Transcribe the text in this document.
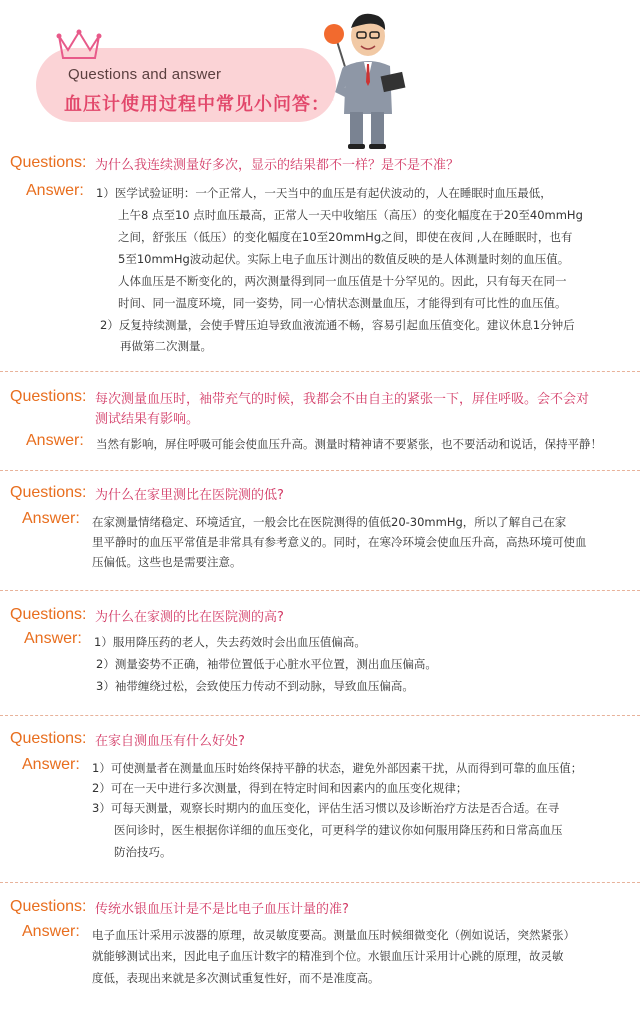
Questions and answer
血压计使用过程中常见小问答：
Questions: 为什么我连续测量好多次，显示的结果都不一样？是不是不准？
Answer: 1）医学试验证明：一个正常人，一天当中的血压是有起伏波动的，人在睡眠时血压最低，
上午8 点至10 点时血压最高，正常人一天中收缩压（高压）的变化幅度在于20至40mmHg
之间，舒张压（低压）的变化幅度在10至20mmHg之间，即使在夜间 ,人在睡眠时，也有
5至10mmHg波动起伏。实际上电子血压计测出的数值反映的是人体测量时刻的血压值。
人体血压是不断变化的，两次测量得到同一血压值是十分罕见的。因此，只有每天在同一
时间、同一温度环境，同一姿势，同一心情状态测量血压，才能得到有可比性的血压值。
2）反复持续测量，会使手臂压迫导致血液流通不畅，容易引起血压值变化。建议休息1分钟后
再做第二次测量。
Questions: 每次测量血压时，袖带充气的时候，我都会不由自主的紧张一下，屏住呼吸。会不会对
测试结果有影响。
Answer: 当然有影响，屏住呼吸可能会使血压升高。测量时精神请不要紧张，也不要活动和说话，保持平静！
Questions: 为什么在家里测比在医院测的低?
Answer: 在家测量情绪稳定、环境适宜，一般会比在医院测得的值低20-30mmHg，所以了解自己在家
里平静时的血压平常值是非常具有参考意义的。同时，在寒冷环境会使血压升高，高热环境可使血
压偏低。这些也是需要注意。
Questions: 为什么在家测的比在医院测的高?
Answer: 1）服用降压药的老人，失去药效时会出血压值偏高。
2）测量姿势不正确，袖带位置低于心脏水平位置，测出血压偏高。
3）袖带缠绕过松，会致使压力传动不到动脉，导致血压偏高。
Questions: 在家自测血压有什么好处?
Answer: 1）可使测量者在测量血压时始终保持平静的状态，避免外部因素干扰，从而得到可靠的血压值；
2）可在一天中进行多次测量，得到在特定时间和因素内的血压变化规律；
3）可每天测量，观察长时期内的血压变化，评估生活习惯以及诊断治疗方法是否合适。在寻
医问诊时，医生根据你详细的血压变化，可更科学的建议你如何服用降压药和日常高血压
防治技巧。
Questions: 传统水银血压计是不是比电子血压计量的准?
Answer: 电子血压计采用示波器的原理，故灵敏度要高。测量血压时候细微变化（例如说话，突然紧张）
就能够测试出来，因此电子血压计数字的精准到个位。水银血压计采用计心跳的原理，故灵敏
度低，表现出来就是多次测试重复性好，而不是准度高。
